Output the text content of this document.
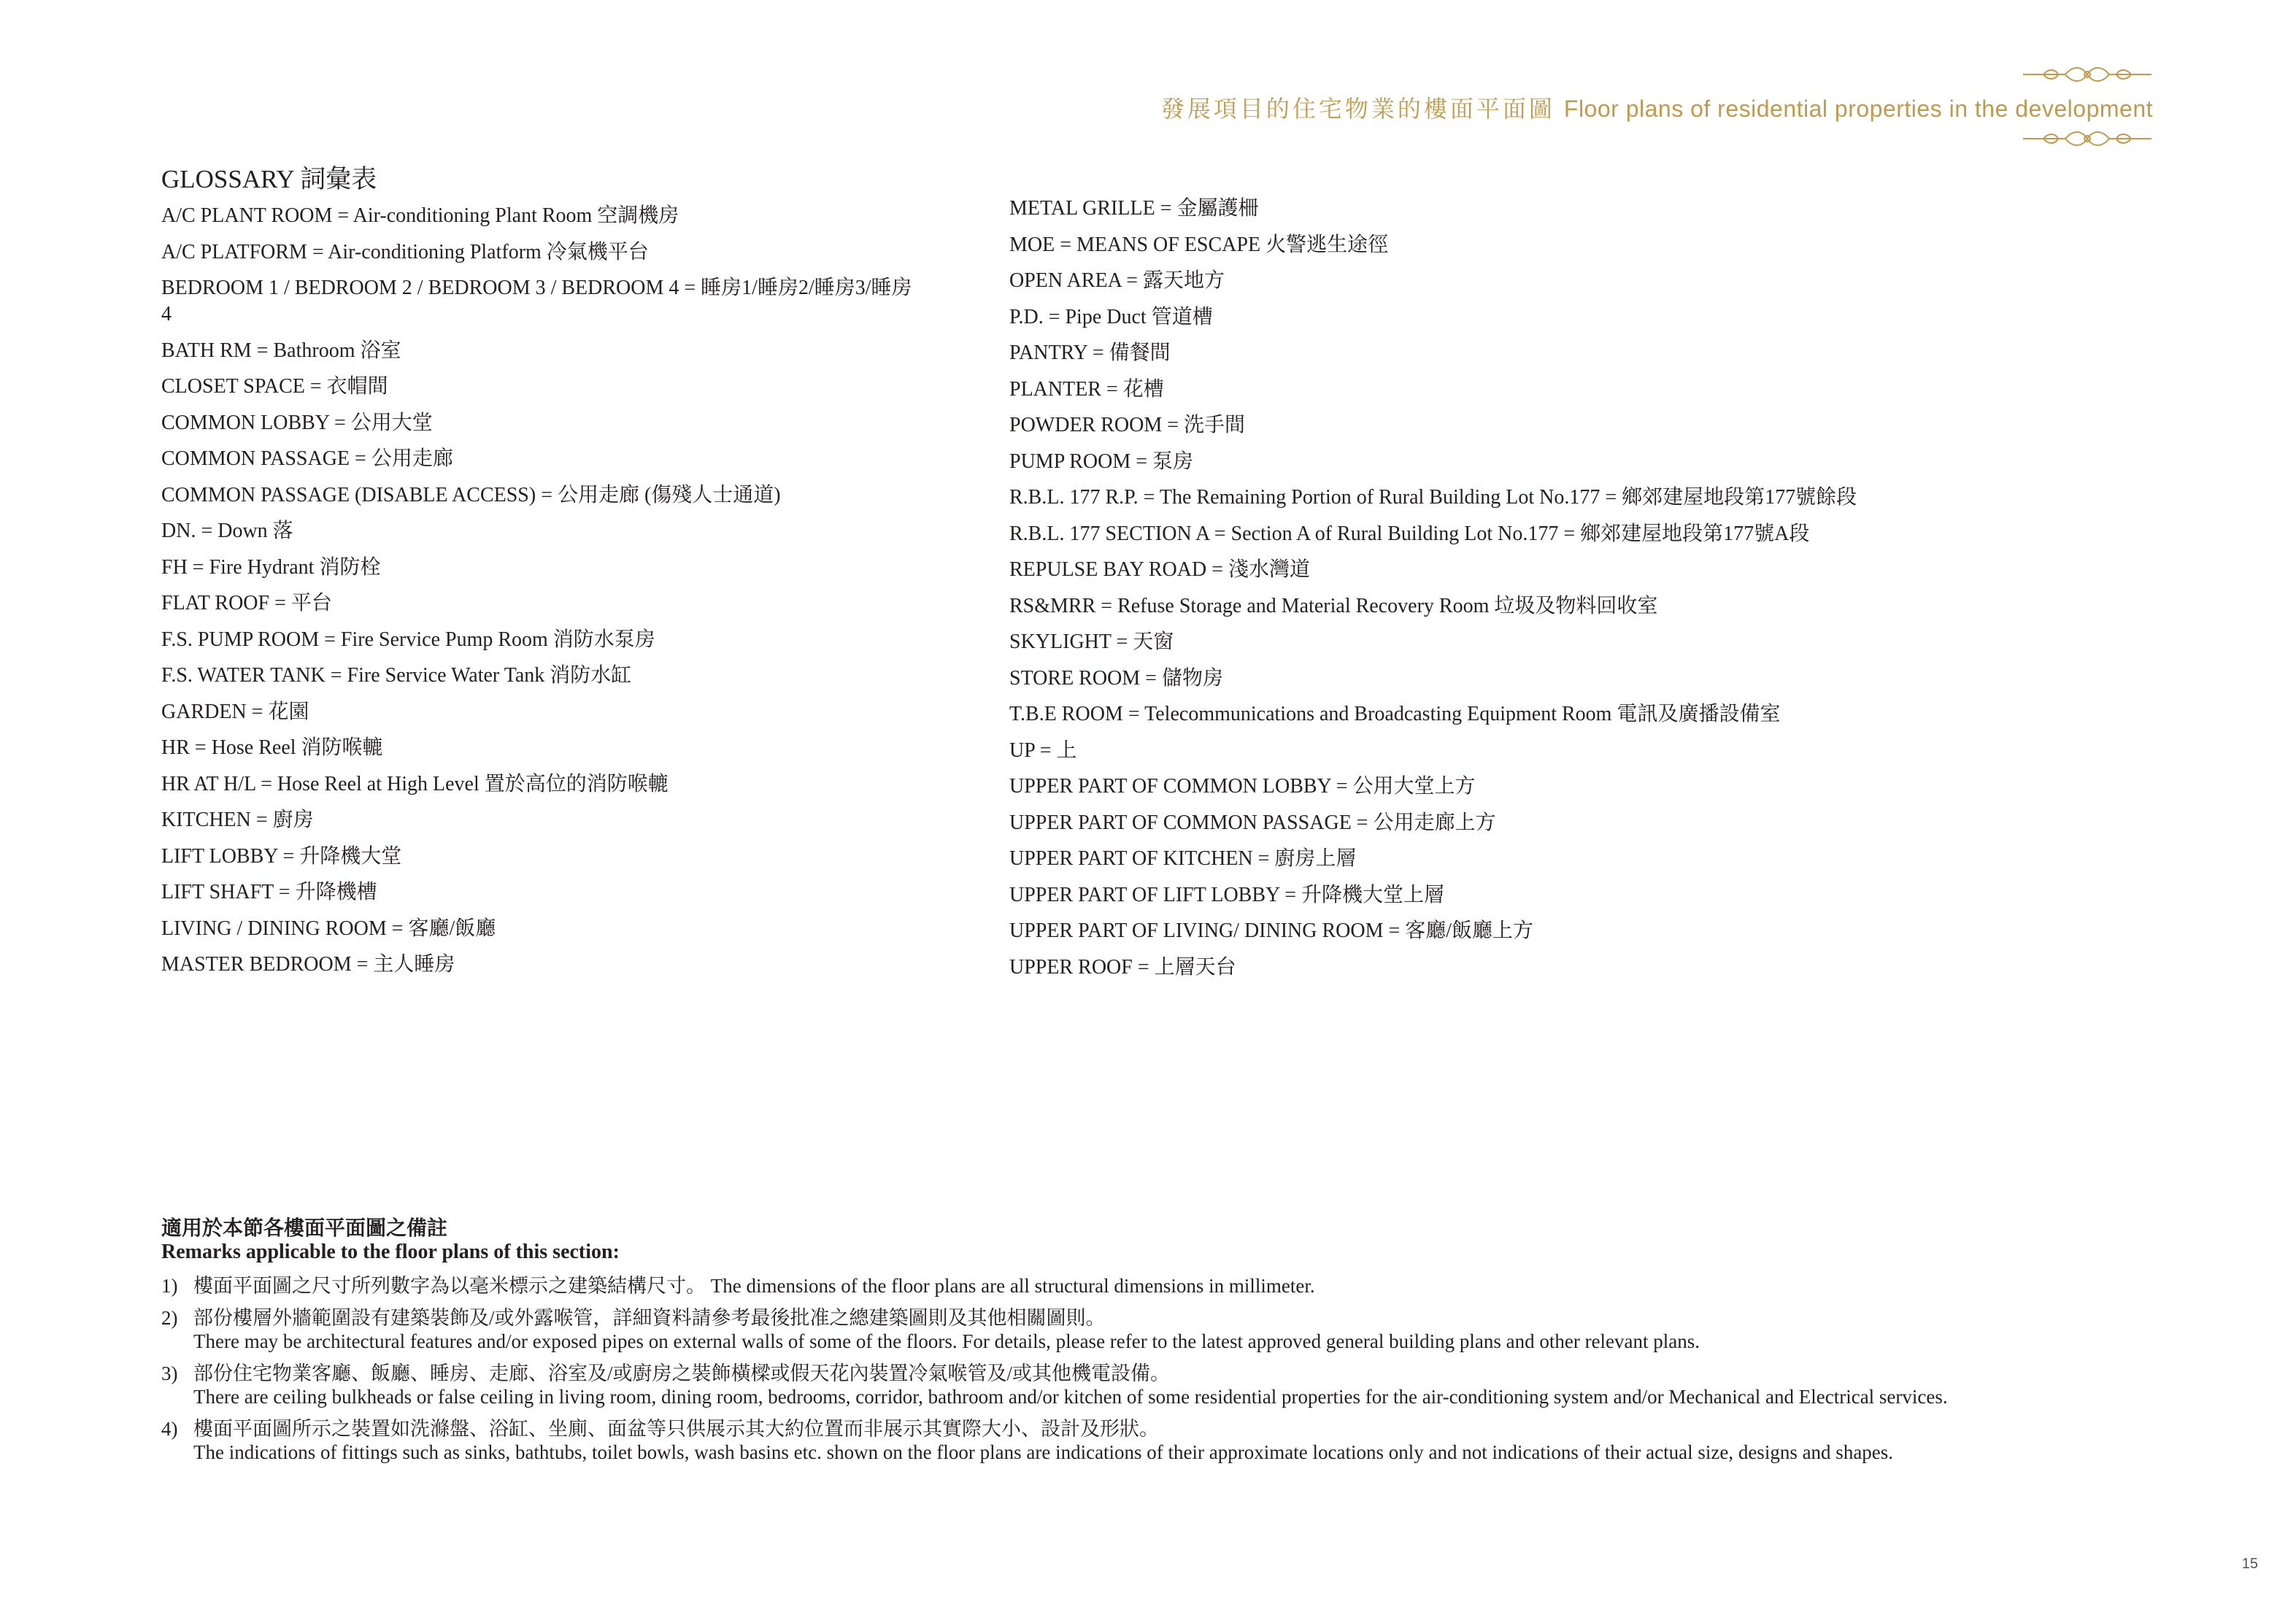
發展項目的住宅物業的樓面平面圖 Floor plans of residential properties in the development
GLOSSARY 詞彙表
A/C PLANT ROOM = Air-conditioning Plant Room 空調機房
A/C PLATFORM = Air-conditioning Platform 冷氣機平台
BEDROOM 1 / BEDROOM 2 / BEDROOM 3 / BEDROOM 4 = 睡房1/睡房2/睡房3/睡房4
BATH RM = Bathroom 浴室
CLOSET SPACE = 衣帽間
COMMON LOBBY = 公用大堂
COMMON PASSAGE = 公用走廊
COMMON PASSAGE (DISABLE ACCESS) = 公用走廊 (傷殘人士通道)
DN. = Down 落
FH = Fire Hydrant 消防栓
FLAT ROOF = 平台
F.S. PUMP ROOM = Fire Service Pump Room 消防水泵房
F.S. WATER TANK = Fire Service Water Tank 消防水缸
GARDEN = 花園
HR = Hose Reel 消防喉轆
HR AT H/L = Hose Reel at High Level 置於高位的消防喉轆
KITCHEN = 廚房
LIFT LOBBY = 升降機大堂
LIFT SHAFT = 升降機槽
LIVING / DINING ROOM = 客廳/飯廳
MASTER BEDROOM = 主人睡房
METAL GRILLE = 金屬護柵
MOE = MEANS OF ESCAPE 火警逃生途徑
OPEN AREA = 露天地方
P.D. = Pipe Duct 管道槽
PANTRY = 備餐間
PLANTER = 花槽
POWDER ROOM = 洗手間
PUMP ROOM = 泵房
R.B.L. 177 R.P. = The Remaining Portion of Rural Building Lot No.177 = 鄉郊建屋地段第177號餘段
R.B.L. 177 SECTION A = Section A of Rural Building Lot No.177 = 鄉郊建屋地段第177號A段
REPULSE BAY ROAD = 淺水灣道
RS&MRR = Refuse Storage and Material Recovery Room 垃圾及物料回收室
SKYLIGHT = 天窗
STORE ROOM = 儲物房
T.B.E ROOM = Telecommunications and Broadcasting Equipment Room 電訊及廣播設備室
UP = 上
UPPER PART OF COMMON LOBBY = 公用大堂上方
UPPER PART OF COMMON PASSAGE = 公用走廊上方
UPPER PART OF KITCHEN = 廚房上層
UPPER PART OF LIFT LOBBY = 升降機大堂上層
UPPER PART OF LIVING/ DINING ROOM = 客廳/飯廳上方
UPPER ROOF = 上層天台
適用於本節各樓面平面圖之備註
Remarks applicable to the floor plans of this section:
1) 樓面平面圖之尺寸所列數字為以毫米標示之建築結構尺寸。 The dimensions of the floor plans are all structural dimensions in millimeter.
2) 部份樓層外牆範圍設有建築裝飾及/或外露喉管，詳細資料請參考最後批准之總建築圖則及其他相關圖則。
There may be architectural features and/or exposed pipes on external walls of some of the floors. For details, please refer to the latest approved general building plans and other relevant plans.
3) 部份住宅物業客廳、飯廳、睡房、走廊、浴室及/或廚房之裝飾橫樑或假天花內裝置冷氣喉管及/或其他機電設備。
There are ceiling bulkheads or false ceiling in living room, dining room, bedrooms, corridor, bathroom and/or kitchen of some residential properties for the air-conditioning system and/or Mechanical and Electrical services.
4) 樓面平面圖所示之裝置如洗滌盤、浴缸、坐廁、面盆等只供展示其大約位置而非展示其實際大小、設計及形狀。
The indications of fittings such as sinks, bathtubs, toilet bowls, wash basins etc. shown on the floor plans are indications of their approximate locations only and not indications of their actual size, designs and shapes.
15
